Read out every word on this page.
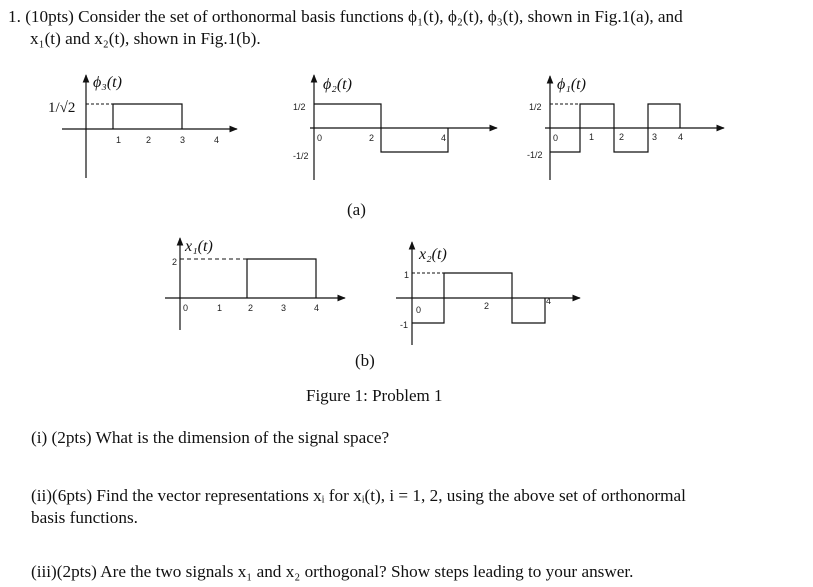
1. (10pts) Consider the set of orthonormal basis functions ϕ₁(t), ϕ₂(t), ϕ₃(t), shown in Fig.1(a), and
x₁(t) and x₂(t), shown in Fig.1(b).
ϕ₃(t)
1/√2
1	2	3	4
ϕ₂(t)
1/2
-1/2
0	2	4
ϕ₁(t)
1/2
-1/2
0	1	2	3 4
(a)
x₁(t)
2
0	1	2	3	4
x₂(t)
1
-1
0	2	4
(b)
Figure 1: Problem 1
(i) (2pts) What is the dimension of the signal space?
(ii)(6pts) Find the vector representations xᵢ for xᵢ(t), i = 1, 2, using the above set of orthonormal
basis functions.
(iii)(2pts) Are the two signals x₁ and x₂ orthogonal? Show steps leading to your answer.
